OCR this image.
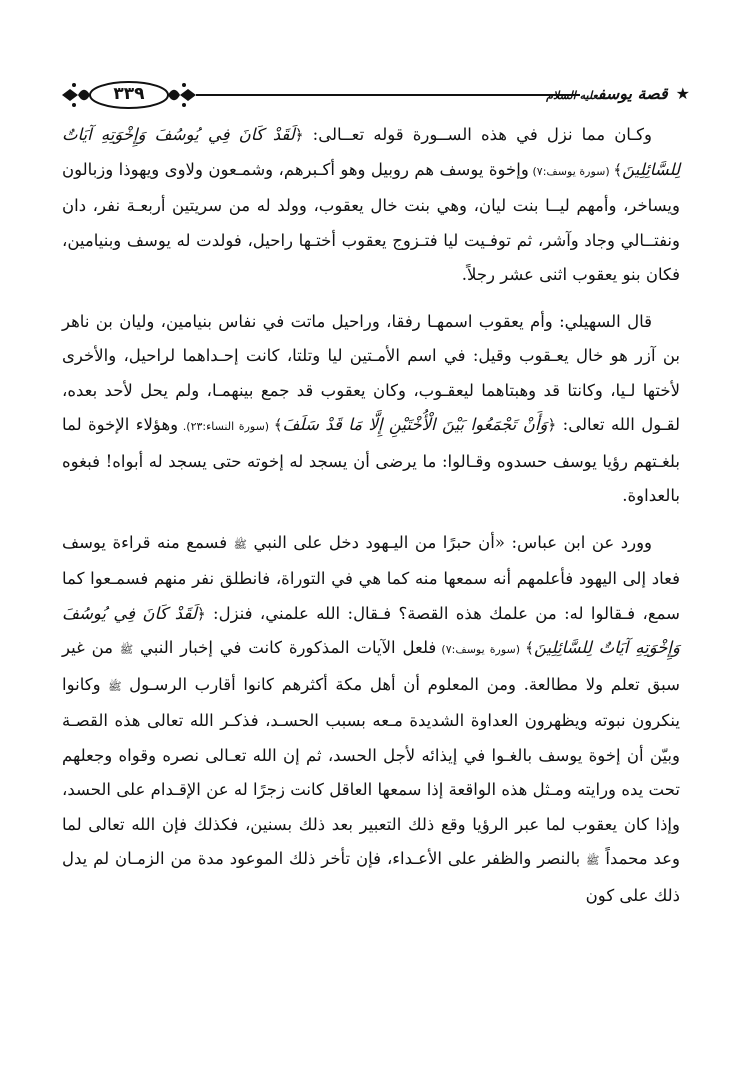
٣٣٩	★قصة يوسفعليه السلام

وكـان مما نزل في هذه الســورة قوله تعــالى: ﴿لَقَدْ كَانَ فِي يُوسُفَ وَإِخْوَتِهِ آيَاتٌ لِلسَّائِلِينَ﴾ (سورة يوسف:٧) وإخوة يوسف هم روبيل وهو أكـبرهم، وشمـعون ولاوى ويهوذا وزبالون ويساخر، وأمهم ليــا بنت ليان، وهي بنت خال يعقوب، وولد له من سريتين أربعـة نفر، دان ونفتــالي وجاد وآشر، ثم توفـيت ليا فتـزوج يعقوب أختـها راحيل، فولدت له يوسف وبنيامين، فكان بنو يعقوب اثنى عشر رجلاً.

قال السهيلي: وأم يعقوب اسمهـا رفقا، وراحيل ماتت في نفاس بنيامين، وليان بن ناهر بن آزر هو خال يعـقوب وقيل: في اسم الأمـتين ليا وتلتا، كانت إحـداهما لراحيل، والأخرى لأختها لـيا، وكانتا قد وهبتاهما ليعقـوب، وكان يعقوب قد جمع بينهمـا، ولم يحل لأحد بعده، لقـول الله تعالى: ﴿وَأَنْ تَجْمَعُوا بَيْنَ الْأُخْتَيْنِ إِلَّا مَا قَدْ سَلَفَ﴾ (سورة النساء:٢٣). وهؤلاء الإخوة لما بلغـتهم رؤيا يوسف حسدوه وقـالوا: ما يرضى أن يسجد له إخوته حتى يسجد له أبواه! فبغوه بالعداوة.

وورد عن ابن عباس: «أن حبرًا من اليـهود دخل على النبي ﷺ فسمع منه قراءة يوسف فعاد إلى اليهود فأعلمهم أنه سمعها منه كما هي في التوراة، فانطلق نفر منهم فسمـعوا كما سمع، فـقالوا له: من علمك هذه القصة؟ فـقال: الله علمني، فنزل: ﴿لَقَدْ كَانَ فِي يُوسُفَ وَإِخْوَتِهِ آيَاتٌ لِلسَّائِلِينَ﴾ (سورة يوسف:٧) فلعل الآيات المذكورة كانت في إخبار النبي ﷺ من غير سبق تعلم ولا مطالعة. ومن المعلوم أن أهل مكة أكثرهم كانوا أقارب الرسـول ﷺ وكانوا ينكرون نبوته ويظهرون العداوة الشديدة مـعه بسبب الحسـد، فذكـر الله تعالى هذه القصـة وبيّن أن إخوة يوسف بالغـوا في إيذائه لأجل الحسد، ثم إن الله تعـالى نصره وقواه وجعلهم تحت يده ورايته ومـثل هذه الواقعة إذا سمعها العاقل كانت زجرًا له عن الإقـدام على الحسد، وإذا كان يعقوب لما عبر الرؤيا وقع ذلك التعبير بعد ذلك بسنين، فكذلك فإن الله تعالى لما وعد محمداً ﷺ بالنصر والظفر على الأعـداء، فإن تأخر ذلك الموعود مدة من الزمـان لم يدل ذلك على كون
